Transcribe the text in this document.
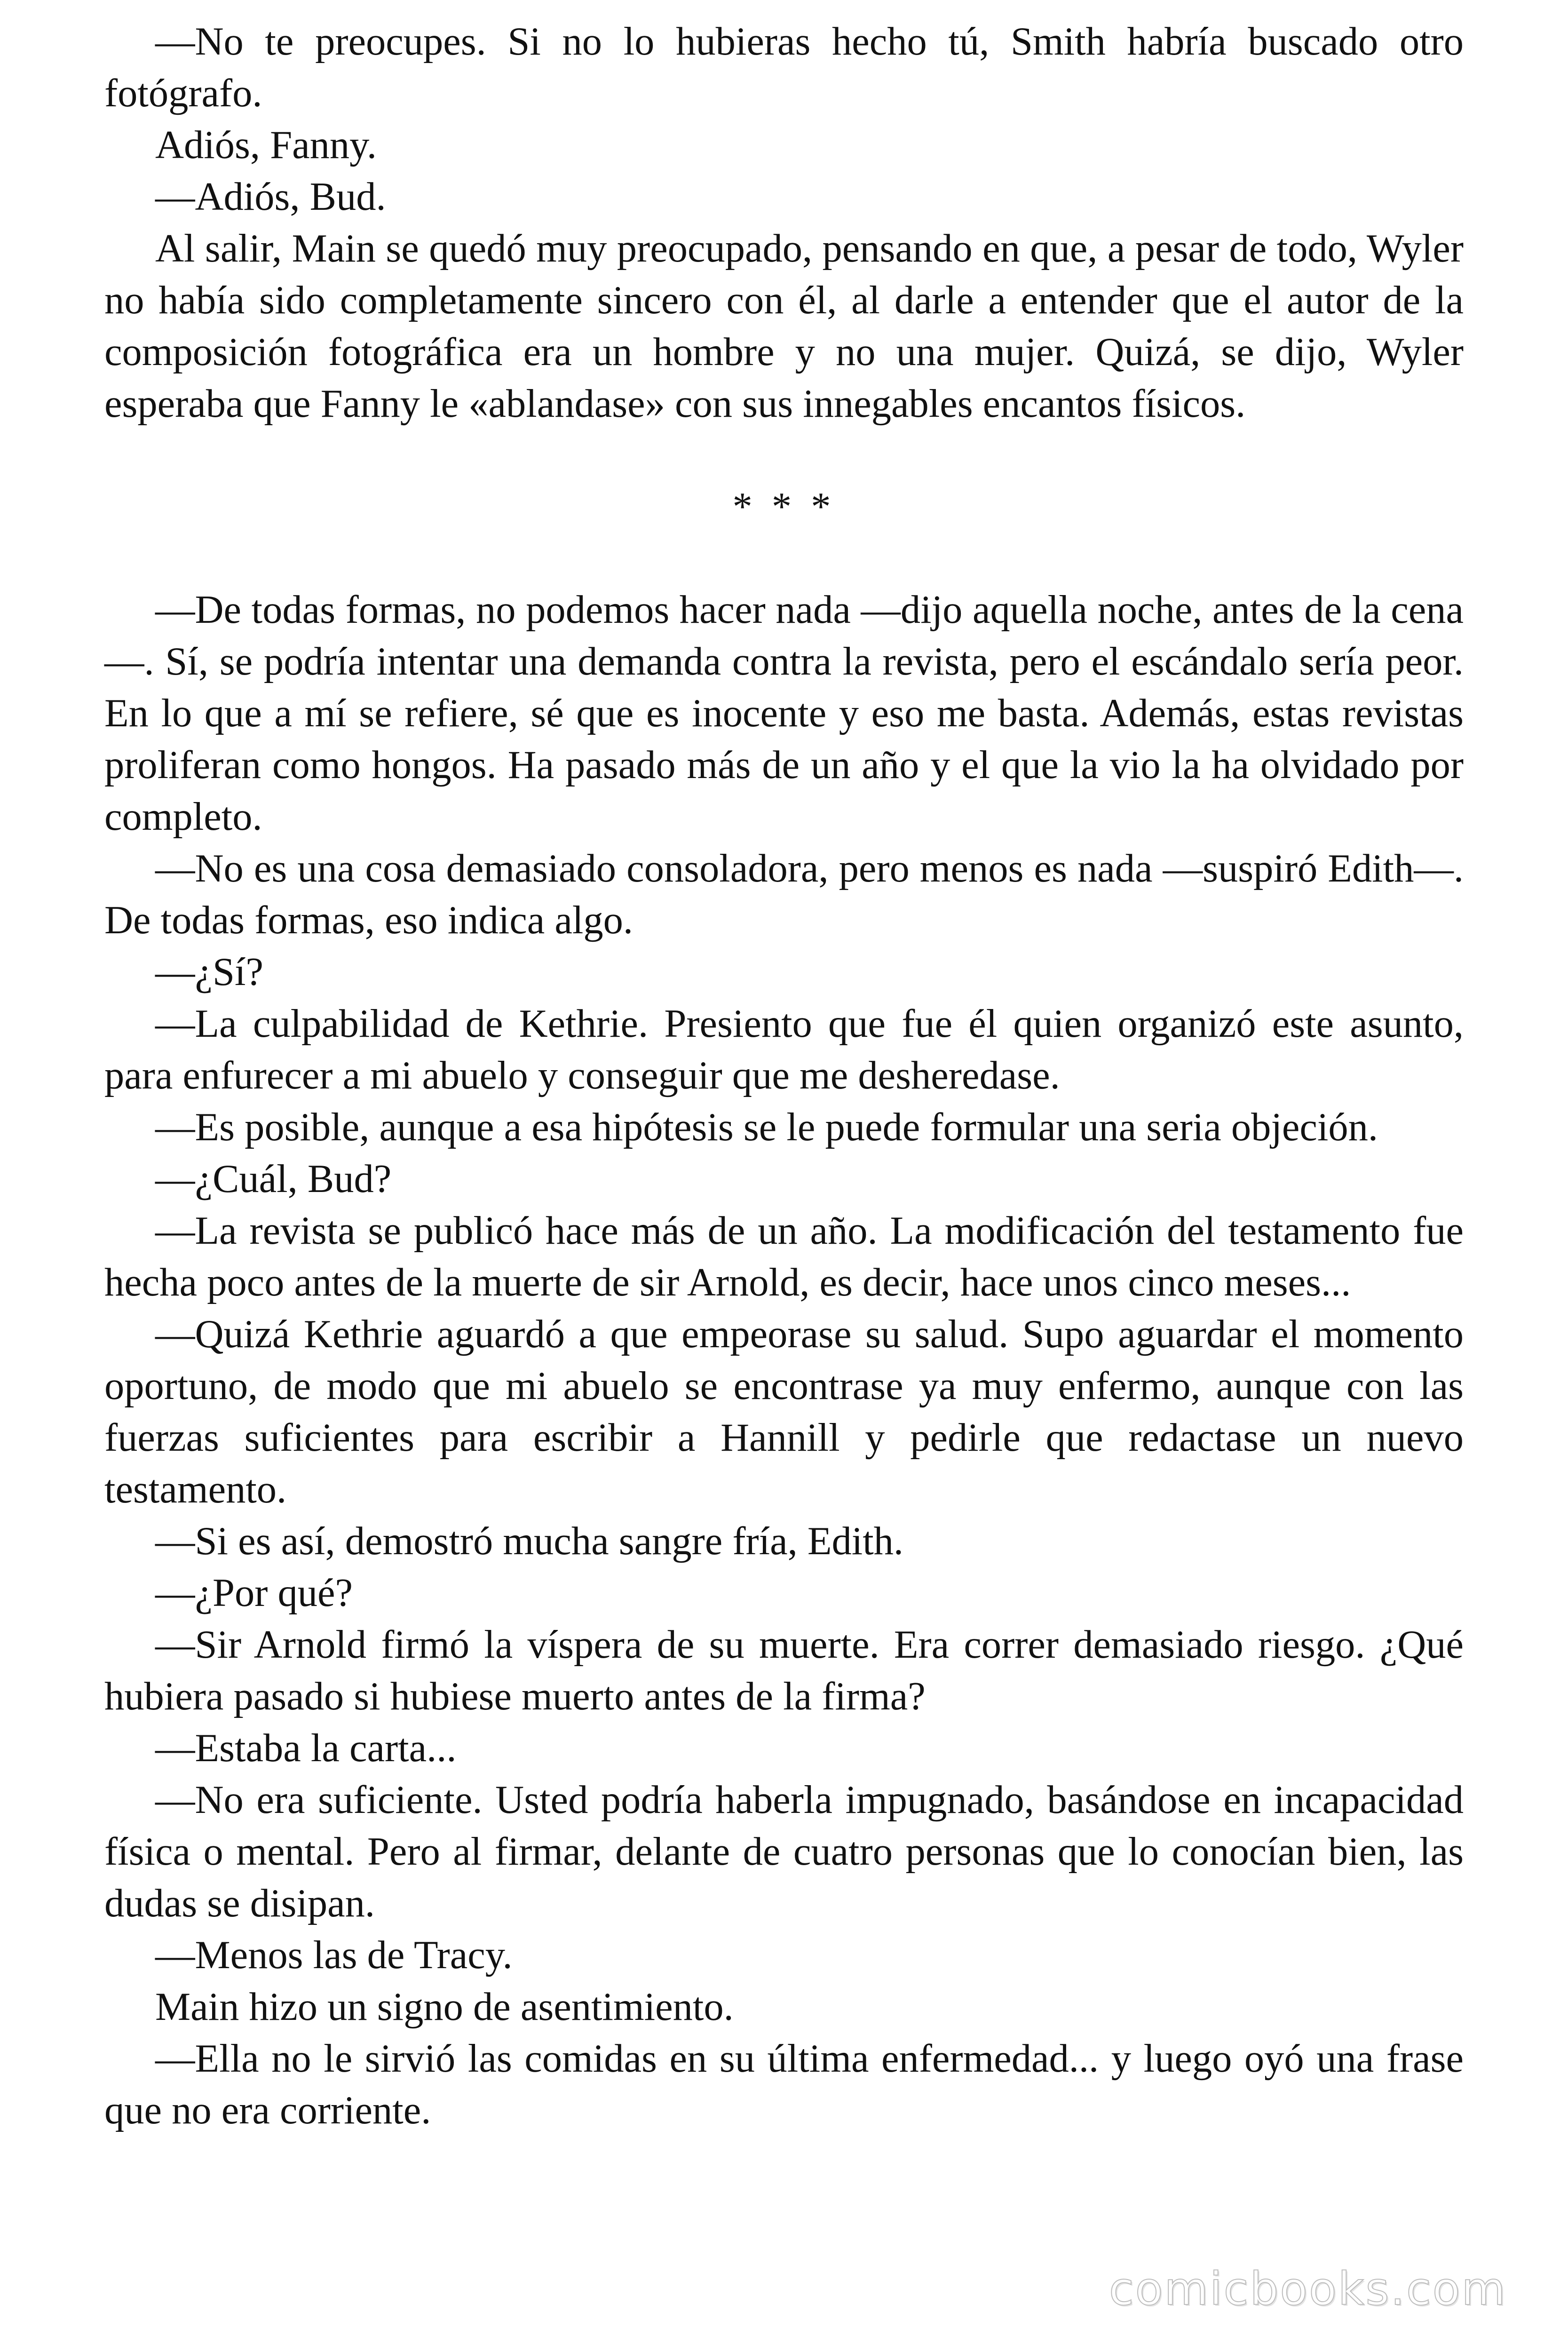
—No te preocupes. Si no lo hubieras hecho tú, Smith habría buscado otro fotógrafo.

Adiós, Fanny.

—Adiós, Bud.

Al salir, Main se quedó muy preocupado, pensando en que, a pesar de todo, Wyler no había sido completamente sincero con él, al darle a entender que el autor de la composición fotográfica era un hombre y no una mujer. Quizá, se dijo, Wyler esperaba que Fanny le «ablandase» con sus innegables encantos físicos.

* * *

—De todas formas, no podemos hacer nada —dijo aquella noche, antes de la cena—. Sí, se podría intentar una demanda contra la revista, pero el escándalo sería peor. En lo que a mí se refiere, sé que es inocente y eso me basta. Además, estas revistas proliferan como hongos. Ha pasado más de un año y el que la vio la ha olvidado por completo.

—No es una cosa demasiado consoladora, pero menos es nada —suspiró Edith—. De todas formas, eso indica algo.

—¿Sí?

—La culpabilidad de Kethrie. Presiento que fue él quien organizó este asunto, para enfurecer a mi abuelo y conseguir que me desheredase.

—Es posible, aunque a esa hipótesis se le puede formular una seria objeción.

—¿Cuál, Bud?

—La revista se publicó hace más de un año. La modificación del testamento fue hecha poco antes de la muerte de sir Arnold, es decir, hace unos cinco meses...

—Quizá Kethrie aguardó a que empeorase su salud. Supo aguardar el momento oportuno, de modo que mi abuelo se encontrase ya muy enfermo, aunque con las fuerzas suficientes para escribir a Hannill y pedirle que redactase un nuevo testamento.

—Si es así, demostró mucha sangre fría, Edith.

—¿Por qué?

—Sir Arnold firmó la víspera de su muerte. Era correr demasiado riesgo. ¿Qué hubiera pasado si hubiese muerto antes de la firma?

—Estaba la carta...

—No era suficiente. Usted podría haberla impugnado, basándose en incapacidad física o mental. Pero al firmar, delante de cuatro personas que lo conocían bien, las dudas se disipan.

—Menos las de Tracy.

Main hizo un signo de asentimiento.

—Ella no le sirvió las comidas en su última enfermedad... y luego oyó una frase que no era corriente.

comicbooks.com
